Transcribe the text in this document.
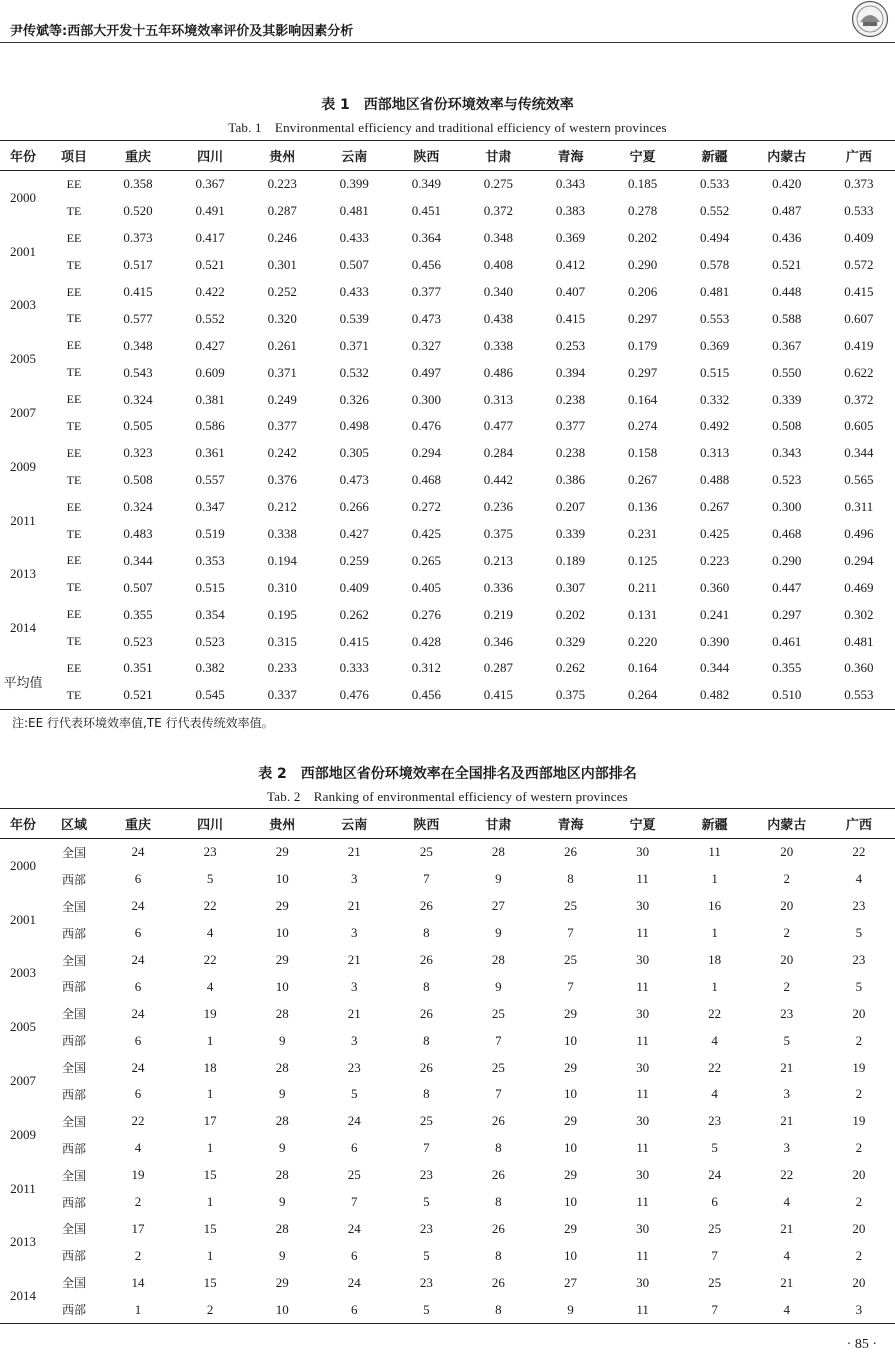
尹传斌等:西部大开发十五年环境效率评价及其影响因素分析
表 1　西部地区省份环境效率与传统效率
Tab. 1　Environmental efficiency and traditional efficiency of western provinces
年份	项目	重庆	四川	贵州	云南	陕西	甘肃	青海	宁夏	新疆	内蒙古	广西
2000	EE	0.358	0.367	0.223	0.399	0.349	0.275	0.343	0.185	0.533	0.420	0.373
	TE	0.520	0.491	0.287	0.481	0.451	0.372	0.383	0.278	0.552	0.487	0.533
2001	EE	0.373	0.417	0.246	0.433	0.364	0.348	0.369	0.202	0.494	0.436	0.409
	TE	0.517	0.521	0.301	0.507	0.456	0.408	0.412	0.290	0.578	0.521	0.572
2003	EE	0.415	0.422	0.252	0.433	0.377	0.340	0.407	0.206	0.481	0.448	0.415
	TE	0.577	0.552	0.320	0.539	0.473	0.438	0.415	0.297	0.553	0.588	0.607
2005	EE	0.348	0.427	0.261	0.371	0.327	0.338	0.253	0.179	0.369	0.367	0.419
	TE	0.543	0.609	0.371	0.532	0.497	0.486	0.394	0.297	0.515	0.550	0.622
2007	EE	0.324	0.381	0.249	0.326	0.300	0.313	0.238	0.164	0.332	0.339	0.372
	TE	0.505	0.586	0.377	0.498	0.476	0.477	0.377	0.274	0.492	0.508	0.605
2009	EE	0.323	0.361	0.242	0.305	0.294	0.284	0.238	0.158	0.313	0.343	0.344
	TE	0.508	0.557	0.376	0.473	0.468	0.442	0.386	0.267	0.488	0.523	0.565
2011	EE	0.324	0.347	0.212	0.266	0.272	0.236	0.207	0.136	0.267	0.300	0.311
	TE	0.483	0.519	0.338	0.427	0.425	0.375	0.339	0.231	0.425	0.468	0.496
2013	EE	0.344	0.353	0.194	0.259	0.265	0.213	0.189	0.125	0.223	0.290	0.294
	TE	0.507	0.515	0.310	0.409	0.405	0.336	0.307	0.211	0.360	0.447	0.469
2014	EE	0.355	0.354	0.195	0.262	0.276	0.219	0.202	0.131	0.241	0.297	0.302
	TE	0.523	0.523	0.315	0.415	0.428	0.346	0.329	0.220	0.390	0.461	0.481
平均值	EE	0.351	0.382	0.233	0.333	0.312	0.287	0.262	0.164	0.344	0.355	0.360
	TE	0.521	0.545	0.337	0.476	0.456	0.415	0.375	0.264	0.482	0.510	0.553
注:EE 行代表环境效率值,TE 行代表传统效率值。
表 2　西部地区省份环境效率在全国排名及西部地区内部排名
Tab. 2　Ranking of environmental efficiency of western provinces
年份	区域	重庆	四川	贵州	云南	陕西	甘肃	青海	宁夏	新疆	内蒙古	广西
2000	全国	24	23	29	21	25	28	26	30	11	20	22
	西部	6	5	10	3	7	9	8	11	1	2	4
2001	全国	24	22	29	21	26	27	25	30	16	20	23
	西部	6	4	10	3	8	9	7	11	1	2	5
2003	全国	24	22	29	21	26	28	25	30	18	20	23
	西部	6	4	10	3	8	9	7	11	1	2	5
2005	全国	24	19	28	21	26	25	29	30	22	23	20
	西部	6	1	9	3	8	7	10	11	4	5	2
2007	全国	24	18	28	23	26	25	29	30	22	21	19
	西部	6	1	9	5	8	7	10	11	4	3	2
2009	全国	22	17	28	24	25	26	29	30	23	21	19
	西部	4	1	9	6	7	8	10	11	5	3	2
2011	全国	19	15	28	25	23	26	29	30	24	22	20
	西部	2	1	9	7	5	8	10	11	6	4	2
2013	全国	17	15	28	24	23	26	29	30	25	21	20
	西部	2	1	9	6	5	8	10	11	7	4	2
2014	全国	14	15	29	24	23	26	27	30	25	21	20
	西部	1	2	10	6	5	8	9	11	7	4	3
· 85 ·
